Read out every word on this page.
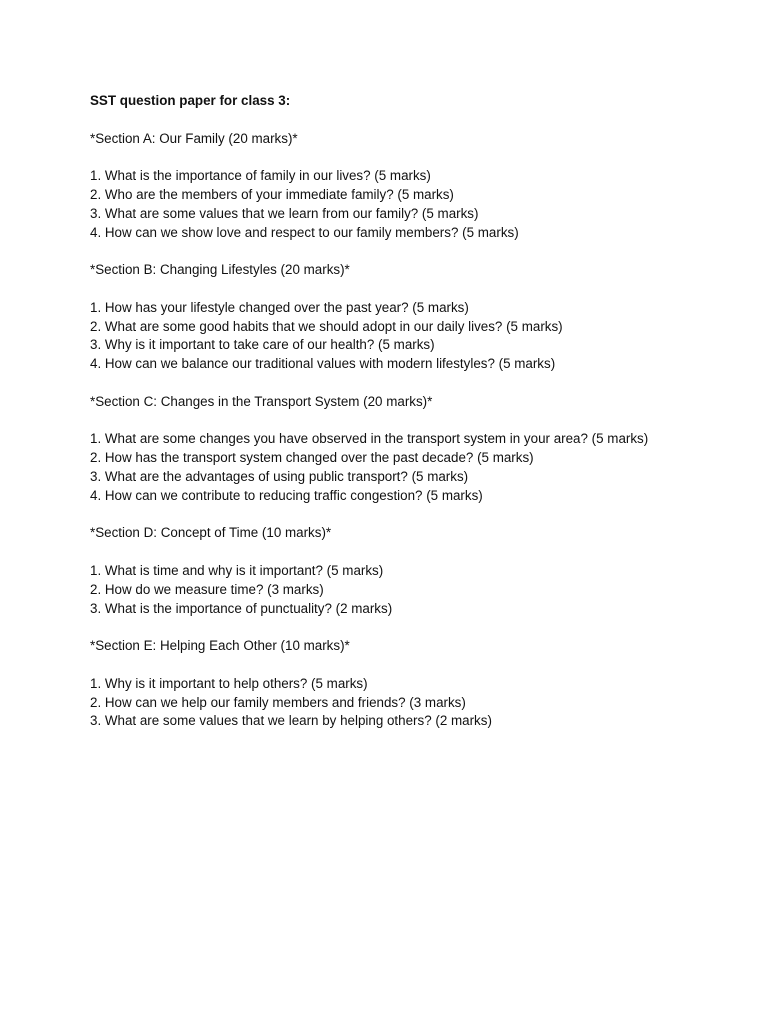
SST question paper for class 3:
*Section A: Our Family (20 marks)*
1. What is the importance of family in our lives? (5 marks)
2. Who are the members of your immediate family? (5 marks)
3. What are some values that we learn from our family? (5 marks)
4. How can we show love and respect to our family members? (5 marks)
*Section B: Changing Lifestyles (20 marks)*
1. How has your lifestyle changed over the past year? (5 marks)
2. What are some good habits that we should adopt in our daily lives? (5 marks)
3. Why is it important to take care of our health? (5 marks)
4. How can we balance our traditional values with modern lifestyles? (5 marks)
*Section C: Changes in the Transport System (20 marks)*
1. What are some changes you have observed in the transport system in your area? (5 marks)
2. How has the transport system changed over the past decade? (5 marks)
3. What are the advantages of using public transport? (5 marks)
4. How can we contribute to reducing traffic congestion? (5 marks)
*Section D: Concept of Time (10 marks)*
1. What is time and why is it important? (5 marks)
2. How do we measure time? (3 marks)
3. What is the importance of punctuality? (2 marks)
*Section E: Helping Each Other (10 marks)*
1. Why is it important to help others? (5 marks)
2. How can we help our family members and friends? (3 marks)
3. What are some values that we learn by helping others? (2 marks)
